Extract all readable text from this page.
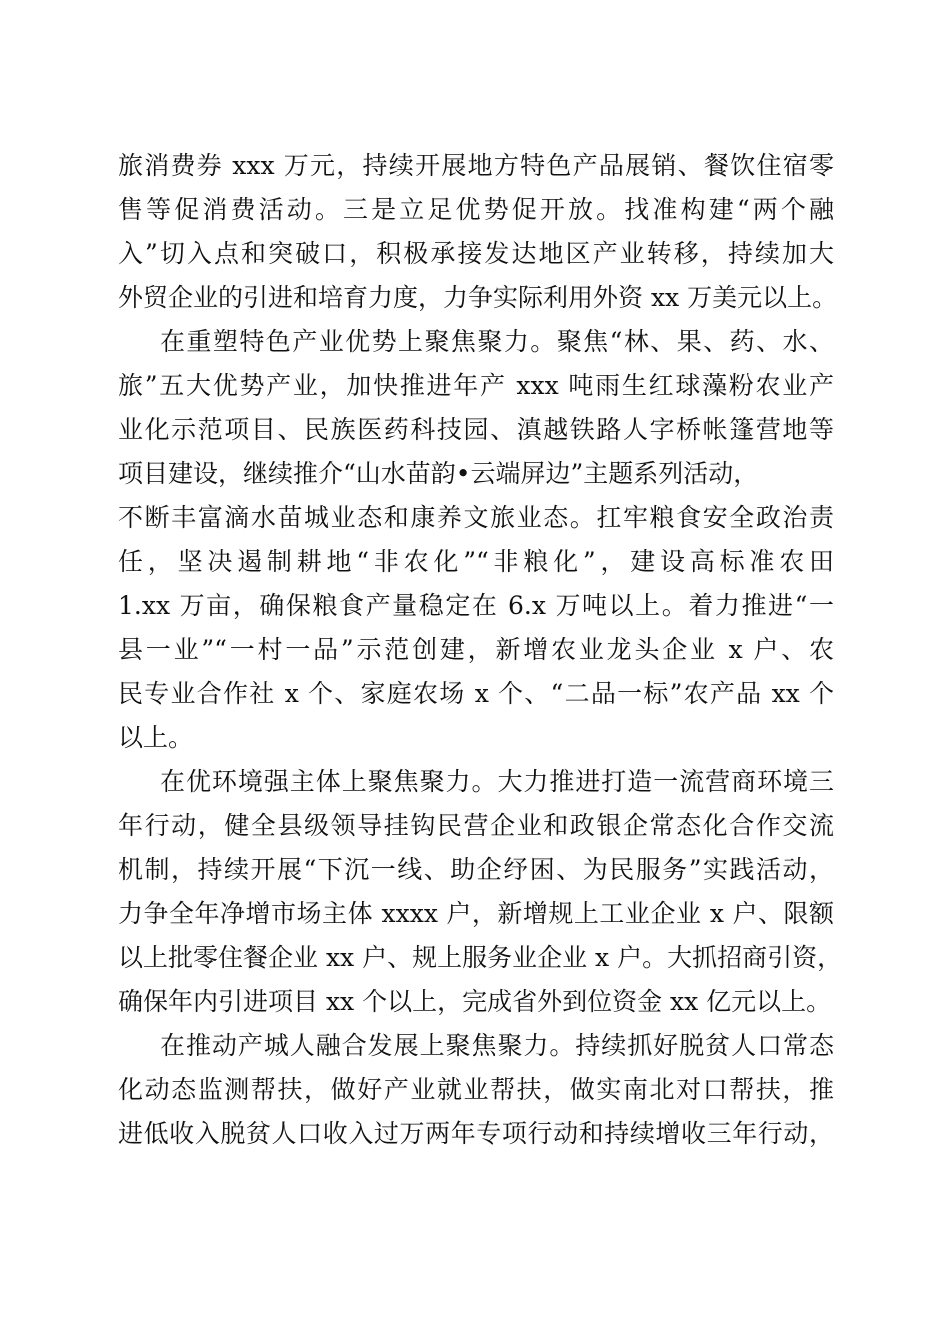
旅消费券 xxx 万元，持续开展地方特色产品展销、餐饮住宿零

售等促消费活动。三是立足优势促开放。找准构建“两个融

入”切入点和突破口，积极承接发达地区产业转移，持续加大

外贸企业的引进和培育力度，力争实际利用外资 xx 万美元以上。

在重塑特色产业优势上聚焦聚力。聚焦“林、果、药、水、

旅”五大优势产业，加快推进年产 xxx 吨雨生红球藻粉农业产

业化示范项目、民族医药科技园、滇越铁路人字桥帐篷营地等

项目建设，继续推介“山水苗韵•云端屏边”主题系列活动，

不断丰富滴水苗城业态和康养文旅业态。扛牢粮食安全政治责

任，坚决遏制耕地“非农化”“非粮化”，建设高标准农田

1.xx 万亩，确保粮食产量稳定在 6.x 万吨以上。着力推进“一

县一业”“一村一品”示范创建，新增农业龙头企业 x 户、农

民专业合作社 x 个、家庭农场 x 个、“二品一标”农产品 xx 个

以上。

在优环境强主体上聚焦聚力。大力推进打造一流营商环境三

年行动，健全县级领导挂钩民营企业和政银企常态化合作交流

机制，持续开展“下沉一线、助企纾困、为民服务”实践活动，

力争全年净增市场主体 xxxx 户，新增规上工业企业 x 户、限额

以上批零住餐企业 xx 户、规上服务业企业 x 户。大抓招商引资，

确保年内引进项目 xx 个以上，完成省外到位资金 xx 亿元以上。

在推动产城人融合发展上聚焦聚力。持续抓好脱贫人口常态

化动态监测帮扶，做好产业就业帮扶，做实南北对口帮扶，推

进低收入脱贫人口收入过万两年专项行动和持续增收三年行动，
